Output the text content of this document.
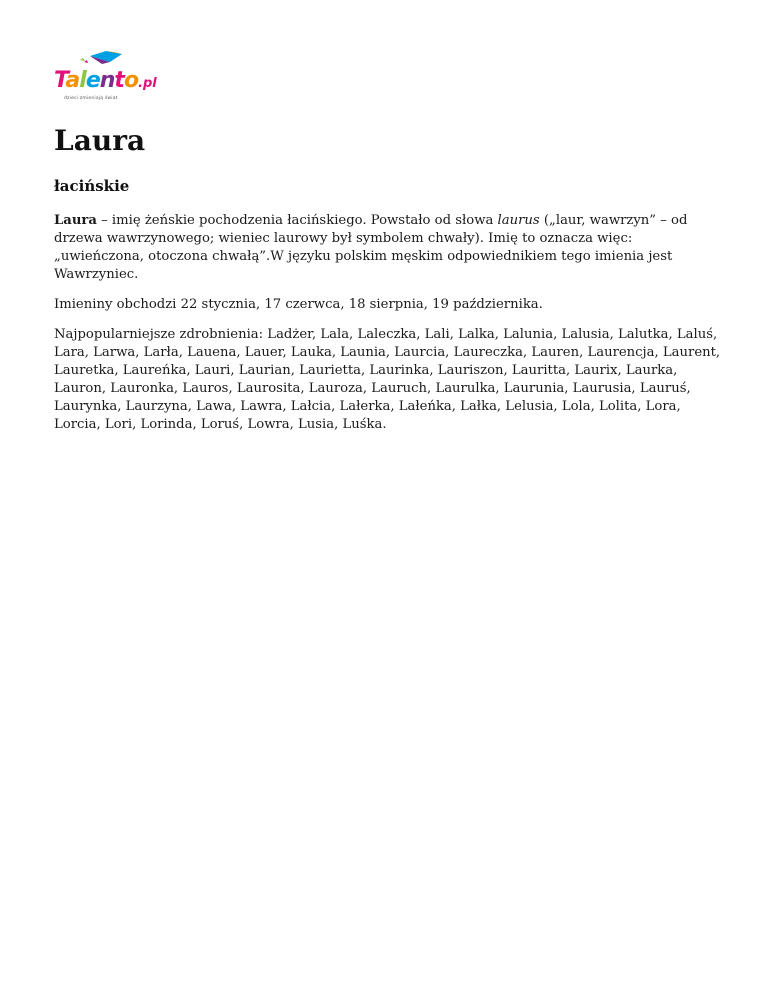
Talento.pl
dzieci zmieniają świat
Laura
łacińskie

Laura – imię żeńskie pochodzenia łacińskiego. Powstało od słowa laurus („laur, wawrzyn” – od drzewa wawrzynowego; wieniec laurowy był symbolem chwały). Imię to oznacza więc: „uwieńczona, otoczona chwałą”.W języku polskim męskim odpowiednikiem tego imienia jest Wawrzyniec.

Imieniny obchodzi 22 stycznia, 17 czerwca, 18 sierpnia, 19 października.

Najpopularniejsze zdrobnienia: Ladżer, Lala, Laleczka, Lali, Lalka, Lalunia, Lalusia, Lalutka, Laluś, Lara, Larwa, Larła, Lauena, Lauer, Lauka, Launia, Laurcia, Laureczka, Lauren, Laurencja, Laurent, Lauretka, Laureńka, Lauri, Laurian, Laurietta, Laurinka, Lauriszon, Lauritta, Laurix, Laurka, Lauron, Lauronka, Lauros, Laurosita, Lauroza, Lauruch, Laurulka, Laurunia, Laurusia, Lauruś, Laurynka, Laurzyna, Lawa, Lawra, Lałcia, Lałerka, Lałeńka, Lałka, Lelusia, Lola, Lolita, Lora, Lorcia, Lori, Lorinda, Loruś, Lowra, Lusia, Luśka.
